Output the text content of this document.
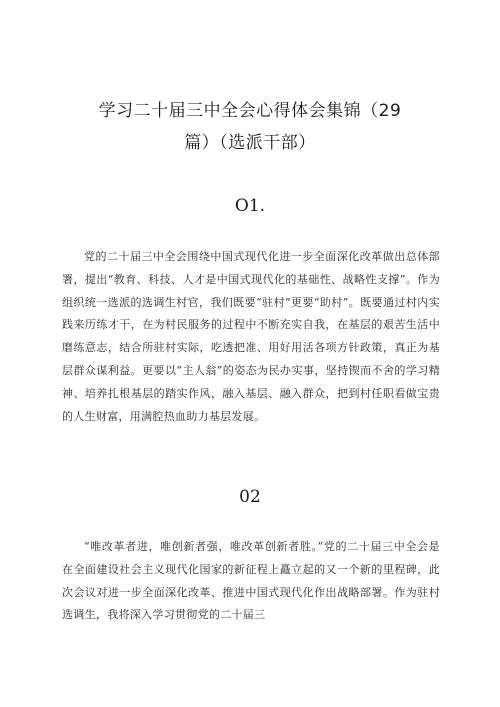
学习二十届三中全会心得体会集锦（29
篇）（选派干部）
O1.
党的二十届三中全会围绕中国式现代化进一步全面深化改革做出总体部署，提出“教育、科技、人才是中国式现代化的基础性、战略性支撑”。作为组织统一选派的选调生村官，我们既要“驻村”更要“助村”。既要通过村内实践来历练才干，在为村民服务的过程中不断充实自我，在基层的艰苦生活中磨练意志，结合所驻村实际，吃透把准、用好用活各项方针政策，真正为基层群众谋利益。更要以“主人翁”的姿态为民办实事，坚持锲而不舍的学习精神、培养扎根基层的踏实作风，融入基层、融入群众，把到村任职看做宝贵的人生财富，用满腔热血助力基层发展。
02
“唯改革者进，唯创新者强，唯改革创新者胜。”党的二十届三中全会是在全面建设社会主义现代化国家的新征程上矗立起的又一个新的里程碑，此次会议对进一步全面深化改革、推进中国式现代化作出战略部署。作为驻村选调生，我将深入学习贯彻党的二十届三
